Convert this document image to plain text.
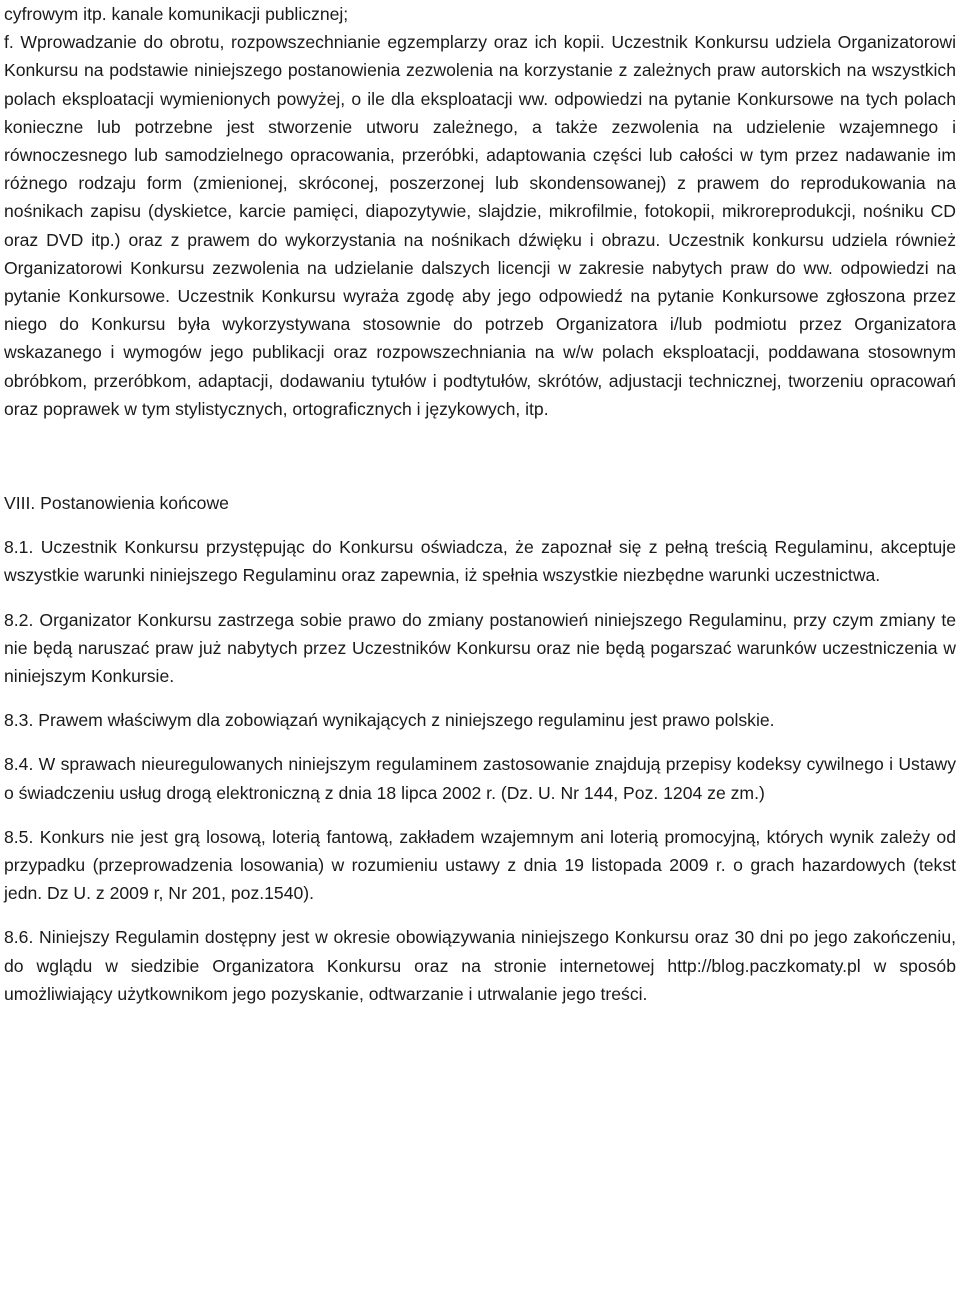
cyfrowym itp. kanale komunikacji publicznej;

f. Wprowadzanie do obrotu, rozpowszechnianie egzemplarzy oraz ich kopii. Uczestnik Konkursu udziela Organizatorowi Konkursu na podstawie niniejszego postanowienia zezwolenia na korzystanie z zależnych praw autorskich na wszystkich polach eksploatacji wymienionych powyżej, o ile dla eksploatacji ww. odpowiedzi na pytanie Konkursowe na tych polach konieczne lub potrzebne jest stworzenie utworu zależnego, a także zezwolenia na udzielenie wzajemnego i równoczesnego lub samodzielnego opracowania, przeróbki, adaptowania części lub całości w tym przez nadawanie im różnego rodzaju form (zmienionej, skróconej, poszerzonej lub skondensowanej) z prawem do reprodukowania na nośnikach zapisu (dyskietce, karcie pamięci, diapozytywie, slajdzie, mikrofilmie, fotokopii, mikroreprodukcji, nośniku CD oraz DVD itp.) oraz z prawem do wykorzystania na nośnikach dźwięku i obrazu. Uczestnik konkursu udziela również Organizatorowi Konkursu zezwolenia na udzielanie dalszych licencji w zakresie nabytych praw do ww. odpowiedzi na pytanie Konkursowe. Uczestnik Konkursu wyraża zgodę aby jego odpowiedź na pytanie Konkursowe zgłoszona przez niego do Konkursu była wykorzystywana stosownie do potrzeb Organizatora i/lub podmiotu przez Organizatora wskazanego i wymogów jego publikacji oraz rozpowszechniania na w/w polach eksploatacji, poddawana stosownym obróbkom, przeróbkom, adaptacji, dodawaniu tytułów i podtytułów, skrótów, adjustacji technicznej, tworzeniu opracowań oraz poprawek w tym stylistycznych, ortograficznych i językowych, itp.

VIII. Postanowienia końcowe

8.1. Uczestnik Konkursu przystępując do Konkursu oświadcza, że zapoznał się z pełną treścią Regulaminu, akceptuje wszystkie warunki niniejszego Regulaminu oraz zapewnia, iż spełnia wszystkie niezbędne warunki uczestnictwa.

8.2. Organizator Konkursu zastrzega sobie prawo do zmiany postanowień niniejszego Regulaminu, przy czym zmiany te nie będą naruszać praw już nabytych przez Uczestników Konkursu oraz nie będą pogarszać warunków uczestniczenia w niniejszym Konkursie.

8.3. Prawem właściwym dla zobowiązań wynikających z niniejszego regulaminu jest prawo polskie.

8.4. W sprawach nieuregulowanych niniejszym regulaminem zastosowanie znajdują przepisy kodeksy cywilnego i Ustawy o świadczeniu usług drogą elektroniczną z dnia 18 lipca 2002 r. (Dz. U. Nr 144, Poz. 1204 ze zm.)

8.5. Konkurs nie jest grą losową, loterią fantową, zakładem wzajemnym ani loterią promocyjną, których wynik zależy od przypadku (przeprowadzenia losowania) w rozumieniu ustawy z dnia 19 listopada 2009 r. o grach hazardowych (tekst jedn. Dz U. z 2009 r, Nr 201, poz.1540).

8.6. Niniejszy Regulamin dostępny jest w okresie obowiązywania niniejszego Konkursu oraz 30 dni po jego zakończeniu, do wglądu w siedzibie Organizatora Konkursu oraz na stronie internetowej http://blog.paczkomaty.pl w sposób umożliwiający użytkownikom jego pozyskanie, odtwarzanie i utrwalanie jego treści.
